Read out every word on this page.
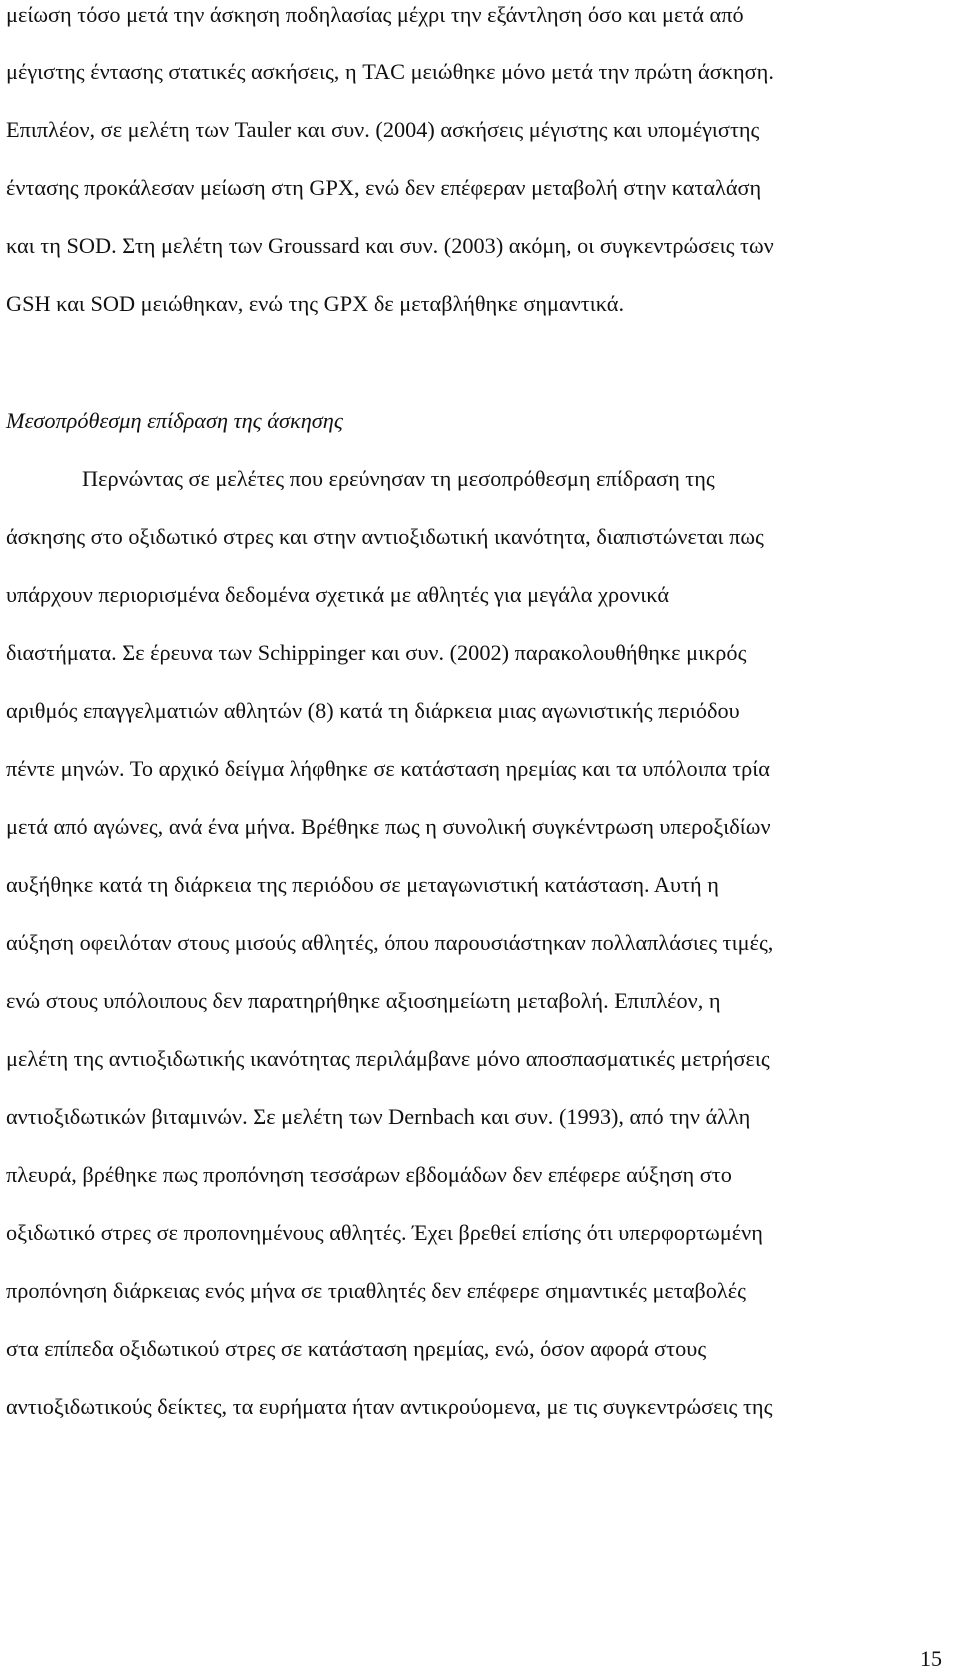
μείωση τόσο μετά την άσκηση ποδηλασίας μέχρι την εξάντληση όσο και μετά από
μέγιστης έντασης στατικές ασκήσεις, η TAC μειώθηκε μόνο μετά την πρώτη άσκηση.
Επιπλέον, σε μελέτη των Tauler και συν. (2004) ασκήσεις μέγιστης και υπομέγιστης
έντασης προκάλεσαν μείωση στη GPX, ενώ δεν επέφεραν μεταβολή στην καταλάση
και τη SOD. Στη μελέτη των Groussard και συν. (2003) ακόμη, οι συγκεντρώσεις των
GSH και SOD μειώθηκαν, ενώ της GPX δε μεταβλήθηκε σημαντικά.
Μεσοπρόθεσμη επίδραση της άσκησης
Περνώντας σε μελέτες που ερεύνησαν τη μεσοπρόθεσμη επίδραση της
άσκησης στο οξιδωτικό στρες και στην αντιοξιδωτική ικανότητα, διαπιστώνεται πως
υπάρχουν περιορισμένα δεδομένα σχετικά με αθλητές για μεγάλα χρονικά
διαστήματα. Σε έρευνα των Schippinger και συν. (2002) παρακολουθήθηκε μικρός
αριθμός επαγγελματιών αθλητών (8) κατά τη διάρκεια μιας αγωνιστικής περιόδου
πέντε μηνών. Το αρχικό δείγμα λήφθηκε σε κατάσταση ηρεμίας και τα υπόλοιπα τρία
μετά από αγώνες, ανά ένα μήνα. Βρέθηκε πως η συνολική συγκέντρωση υπεροξιδίων
αυξήθηκε κατά τη διάρκεια της περιόδου σε μεταγωνιστική κατάσταση. Αυτή η
αύξηση οφειλόταν στους μισούς αθλητές, όπου παρουσιάστηκαν πολλαπλάσιες τιμές,
ενώ στους υπόλοιπους δεν παρατηρήθηκε αξιοσημείωτη μεταβολή. Επιπλέον, η
μελέτη της αντιοξιδωτικής ικανότητας περιλάμβανε μόνο αποσπασματικές μετρήσεις
αντιοξιδωτικών βιταμινών. Σε μελέτη των Dernbach και συν. (1993), από την άλλη
πλευρά, βρέθηκε πως προπόνηση τεσσάρων εβδομάδων δεν επέφερε αύξηση στο
οξιδωτικό στρες σε προπονημένους αθλητές. Έχει βρεθεί επίσης ότι υπερφορτωμένη
προπόνηση διάρκειας ενός μήνα σε τριαθλητές δεν επέφερε σημαντικές μεταβολές
στα επίπεδα οξιδωτικού στρες σε κατάσταση ηρεμίας, ενώ, όσον αφορά στους
αντιοξιδωτικούς δείκτες, τα ευρήματα ήταν αντικρούομενα, με τις συγκεντρώσεις της
15
